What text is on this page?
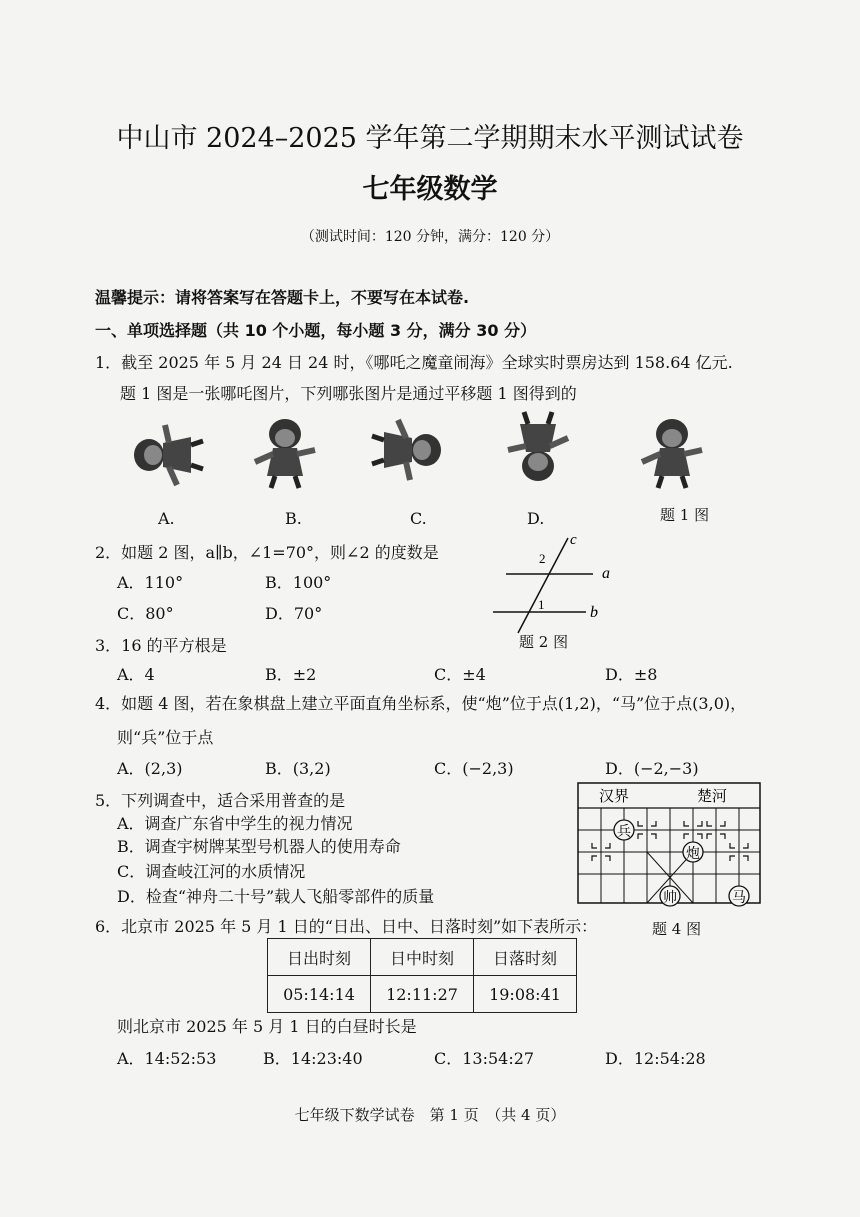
中山市 2024–2025 学年第二学期期末水平测试试卷
七年级数学
（测试时间：120 分钟，满分：120 分）
温馨提示：请将答案写在答题卡上，不要写在本试卷.
一、单项选择题（共 10 个小题，每小题 3 分，满分 30 分）
1．截至 2025 年 5 月 24 日 24 时，《哪吒之魔童闹海》全球实时票房达到 158.64 亿元.
题 1 图是一张哪吒图片，下列哪张图片是通过平移题 1 图得到的
A.	B.	C.	D.	题 1 图
2．如题 2 图，a∥b，∠1=70°，则∠2 的度数是
A．110°	B．100°
C．80°	D．70°
c
a
b
1
2
题 2 图
3．16 的平方根是
A．4	B．±2	C．±4	D．±8
4．如题 4 图，若在象棋盘上建立平面直角坐标系，使“炮”位于点(1,2)，“马”位于点(3,0)，
则“兵”位于点
A．(2,3)	B．(3,2)	C．(−2,3)	D．(−2,−3)
汉界	楚河
兵
炮
帅	马
题 4 图
5．下列调查中，适合采用普查的是
A．调查广东省中学生的视力情况
B．调查宇树牌某型号机器人的使用寿命
C．调查岐江河的水质情况
D．检查“神舟二十号”载人飞船零部件的质量
6．北京市 2025 年 5 月 1 日的“日出、日中、日落时刻”如下表所示：
日出时刻	日中时刻	日落时刻
05:14:14	12:11:27	19:08:41
则北京市 2025 年 5 月 1 日的白昼时长是
A．14:52:53	B．14:23:40	C．13:54:27	D．12:54:28
七年级下数学试卷　第 1 页　（共 4 页）
